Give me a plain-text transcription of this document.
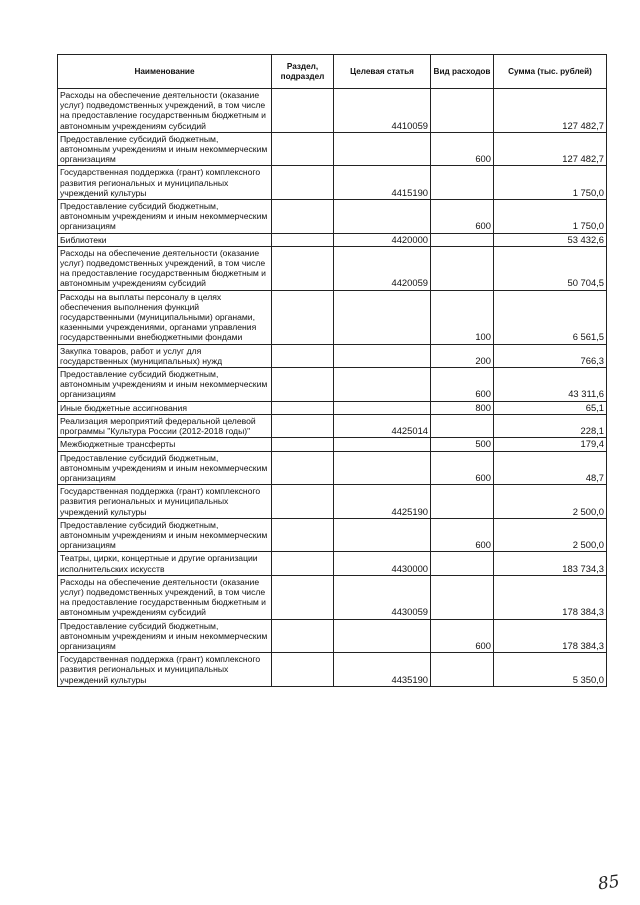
Наименование	Раздел, подраздел	Целевая статья	Вид расходов	Сумма (тыс. рублей)
Расходы на обеспечение деятельности (оказание услуг) подведомственных учреждений, в том числе на предоставление государственным бюджетным и автономным учреждениям субсидий		4410059		127 482,7
Предоставление субсидий бюджетным, автономным учреждениям и иным некоммерческим организациям			600	127 482,7
Государственная поддержка (грант) комплексного развития региональных и муниципальных учреждений культуры		4415190		1 750,0
Предоставление субсидий бюджетным, автономным учреждениям и иным некоммерческим организациям			600	1 750,0
Библиотеки		4420000		53 432,6
Расходы на обеспечение деятельности (оказание услуг) подведомственных учреждений, в том числе на предоставление государственным бюджетным и автономным учреждениям субсидий		4420059		50 704,5
Расходы на выплаты персоналу в целях обеспечения выполнения функций государственными (муниципальными) органами, казенными учреждениями, органами управления государственными внебюджетными фондами			100	6 561,5
Закупка товаров, работ и услуг для государственных (муниципальных) нужд			200	766,3
Предоставление субсидий бюджетным, автономным учреждениям и иным некоммерческим организациям			600	43 311,6
Иные бюджетные ассигнования			800	65,1
Реализация мероприятий федеральной целевой программы "Культура России (2012-2018 годы)"		4425014		228,1
Межбюджетные трансферты			500	179,4
Предоставление субсидий бюджетным, автономным учреждениям и иным некоммерческим организациям			600	48,7
Государственная поддержка (грант) комплексного развития региональных и муниципальных учреждений культуры		4425190		2 500,0
Предоставление субсидий бюджетным, автономным учреждениям и иным некоммерческим организациям			600	2 500,0
Театры, цирки, концертные и другие организации исполнительских искусств		4430000		183 734,3
Расходы на обеспечение деятельности (оказание услуг) подведомственных учреждений, в том числе на предоставление государственным бюджетным и автономным учреждениям субсидий		4430059		178 384,3
Предоставление субсидий бюджетным, автономным учреждениям и иным некоммерческим организациям			600	178 384,3
Государственная поддержка (грант) комплексного развития региональных и муниципальных учреждений культуры		4435190		5 350,0
85
